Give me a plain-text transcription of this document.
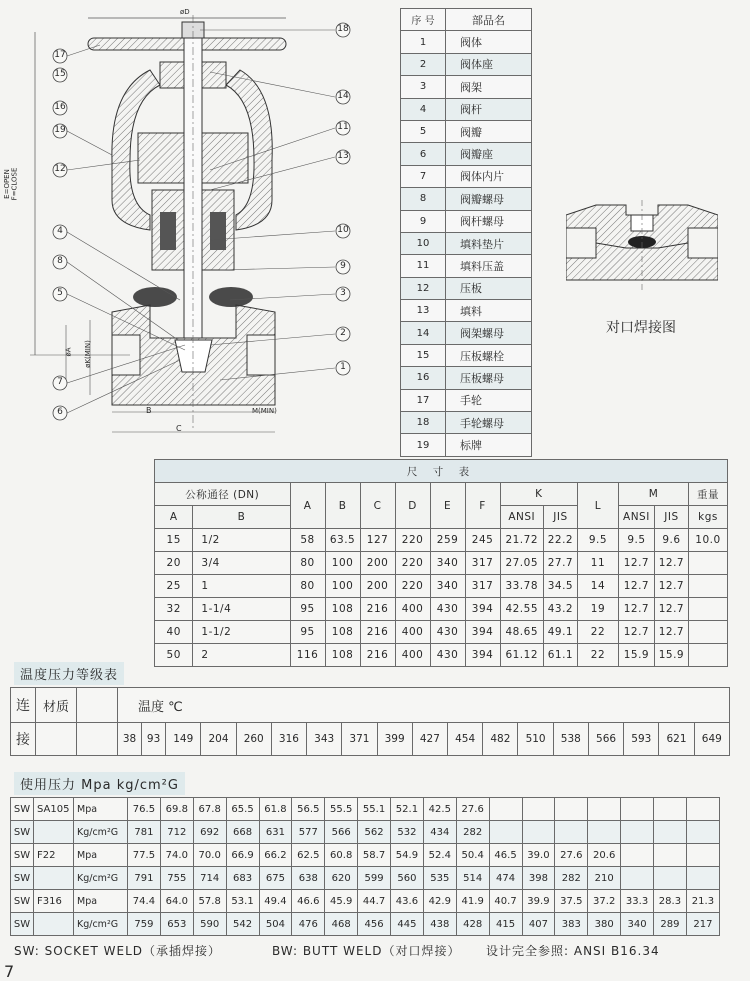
18
14
11
13
10
9
3
2
1
17
15
16
19
12
4
8
5
7
6
øD
E=OPEN F=CLOSE
øA øK(MIN)
B
C
M(MIN)
对口焊接图
序 号	部品名
1	阀体
2	阀体座
3	阀架
4	阀杆
5	阀瓣
6	阀瓣座
7	阀体内片
8	阀瓣螺母
9	阀杆螺母
10	填料垫片
11	填料压盖
12	压板
13	填料
14	阀架螺母
15	压板螺栓
16	压板螺母
17	手轮
18	手轮螺母
19	标牌
尺 寸 表													
公称通径 (DN)		A	B	C	D	E	F	K		L	M		重量
A	B							ANSI	JIS		ANSI	JIS	kgs
15	1/2	58	63.5	127	220	259	245	21.72	22.2	9.5	9.5	9.6	10.0
20	3/4	80	100	200	220	340	317	27.05	27.7	11	12.7	12.7	
25	1	80	100	200	220	340	317	33.78	34.5	14	12.7	12.7	
32	1-1/4	95	108	216	400	430	394	42.55	43.2	19	12.7	12.7	
40	1-1/2	95	108	216	400	430	394	48.65	49.1	22	12.7	12.7	
50	2	116	108	216	400	430	394	61.12	61.1	22	15.9	15.9	
温度压力等级表
连	材质		温度 ℃																	
接			38	93	149	204	260	316	343	371	399	427	454	482	510	538	566	593	621	649
使用压力 Mpa kg/cm²G
SW	SA105	Mpa	76.5	69.8	67.8	65.5	61.8	56.5	55.5	55.1	52.1	42.5	27.6							
SW		Kg/cm²G	781	712	692	668	631	577	566	562	532	434	282							
SW	F22	Mpa	77.5	74.0	70.0	66.9	66.2	62.5	60.8	58.7	54.9	52.4	50.4	46.5	39.0	27.6	20.6			
SW		Kg/cm²G	791	755	714	683	675	638	620	599	560	535	514	474	398	282	210			
SW	F316	Mpa	74.4	64.0	57.8	53.1	49.4	46.6	45.9	44.7	43.6	42.9	41.9	40.7	39.9	37.5	37.2	33.3	28.3	21.3
SW		Kg/cm²G	759	653	590	542	504	476	468	456	445	438	428	415	407	383	380	340	289	217
SW: SOCKET WELD（承插焊接）	BW: BUTT WELD（对口焊接） 设计完全参照: ANSI B16.34
7
